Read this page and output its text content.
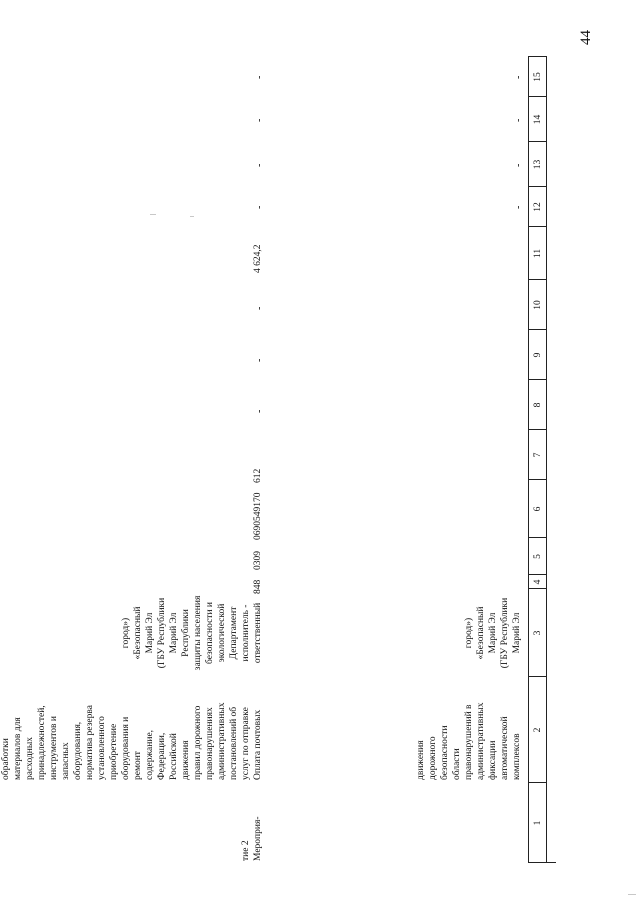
44
1
2
3
4
5
6
7
8
9
10
11
12
13
14
15
комплексов
автоматической
фиксации
административных
правонарушений в
области
безопасности
дорожного
движения
Марий Эл
(ГБУ Республики
Марий Эл
«Безопасный
город»)
-
-
-
-
Мероприя-
тие 2
Оплата почтовых
услуг по отправке
постановлений об
административных
правонарушениях
правил дорожного
движения
Российской
Федерации,
содержание,
ремонт
оборудования и
приобретение
установленного
норматива резерва
оборудования,
запасных
инструментов и
принадлежностей,
расходных
материалов для
обработки
ответственный
исполнитель -
Департамент
экологической
безопасности и
защиты населения
Республики
Марий Эл
(ГБУ Республики
Марий Эл
«Безопасный
город»)
848
0309
0690549170
612
-
-
-
4 624,2
-
-
-
-
